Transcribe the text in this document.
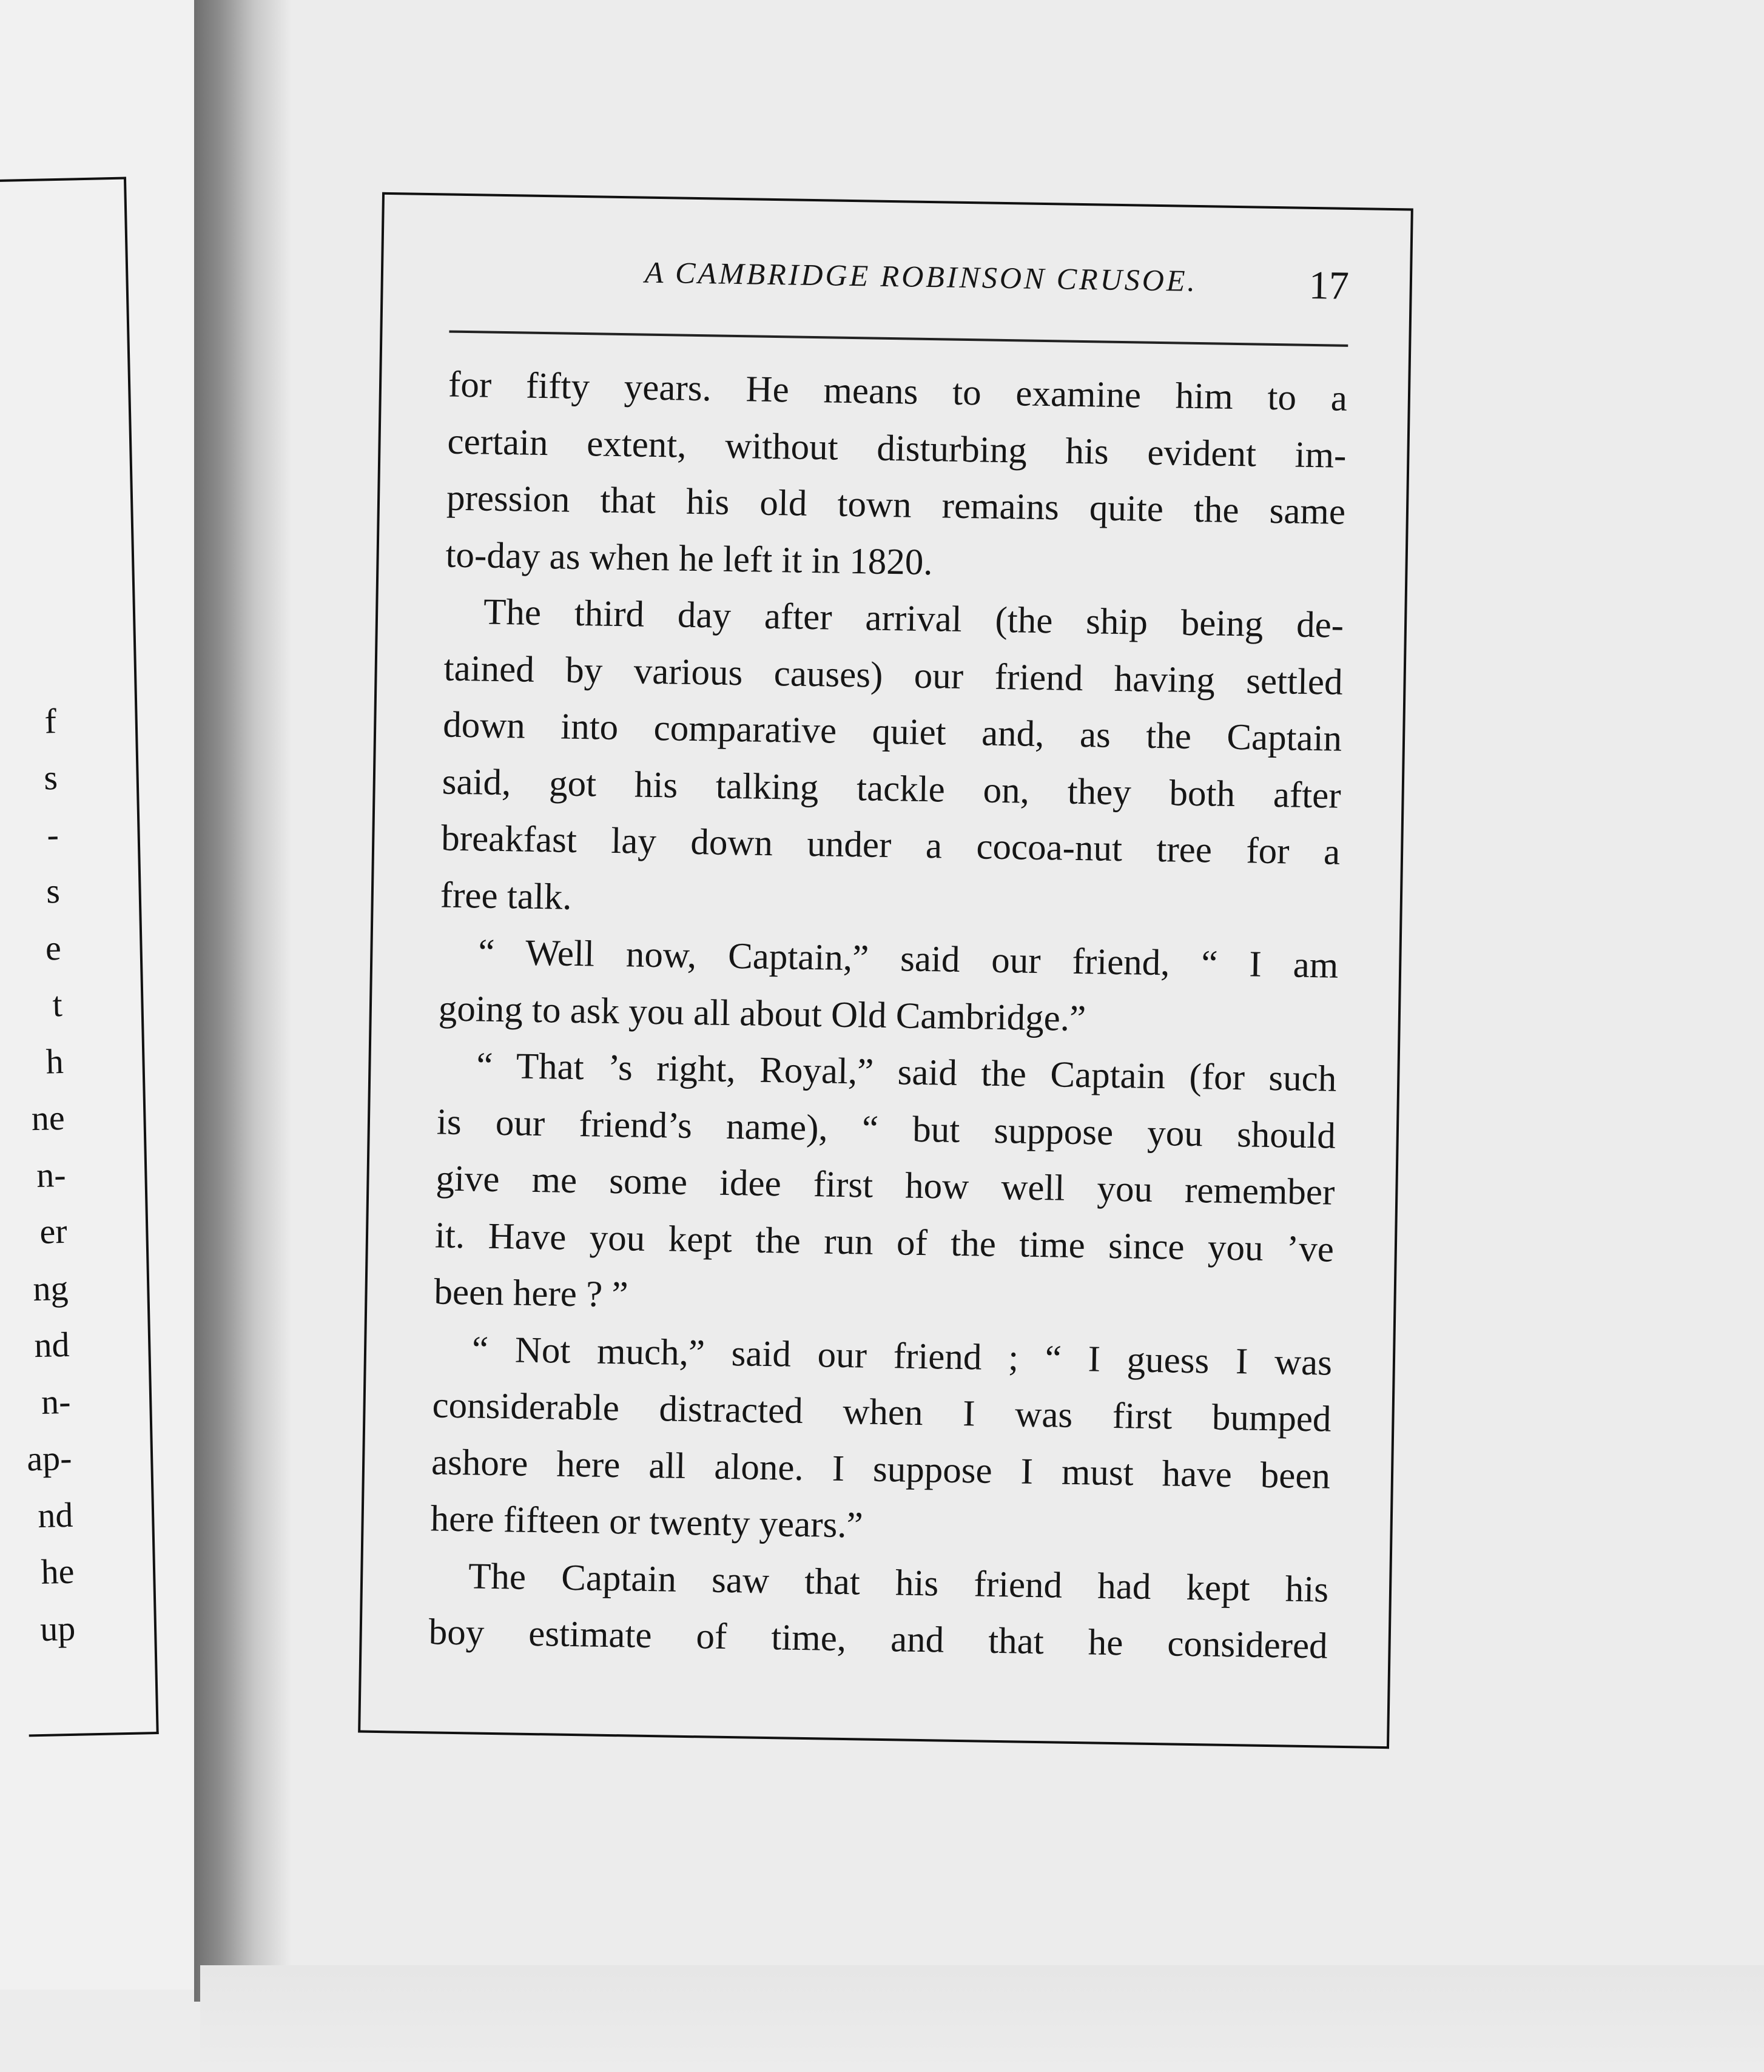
f
s
-
s
e
t
h
ne
n-
er
ng
nd
n-
ap-
nd
he
up
A CAMBRIDGE ROBINSON CRUSOE.	17
for fifty years. He means to examine him to a
certain extent, without disturbing his evident im-
pression that his old town remains quite the same
to-day as when he left it in 1820.
The third day after arrival (the ship being de-
tained by various causes) our friend having settled
down into comparative quiet and, as the Captain
said, got his talking tackle on, they both after
breakfast lay down under a cocoa-nut tree for a
free talk.
“ Well now, Captain,” said our friend, “ I am
going to ask you all about Old Cambridge.”
“ That ’s right, Royal,” said the Captain (for such
is our friend’s name), “ but suppose you should
give me some idee first how well you remember
it. Have you kept the run of the time since you ’ve
been here ? ”
“ Not much,” said our friend ; “ I guess I was
considerable distracted when I was first bumped
ashore here all alone. I suppose I must have been
here fifteen or twenty years.”
The Captain saw that his friend had kept his
boy estimate of time, and that he considered
